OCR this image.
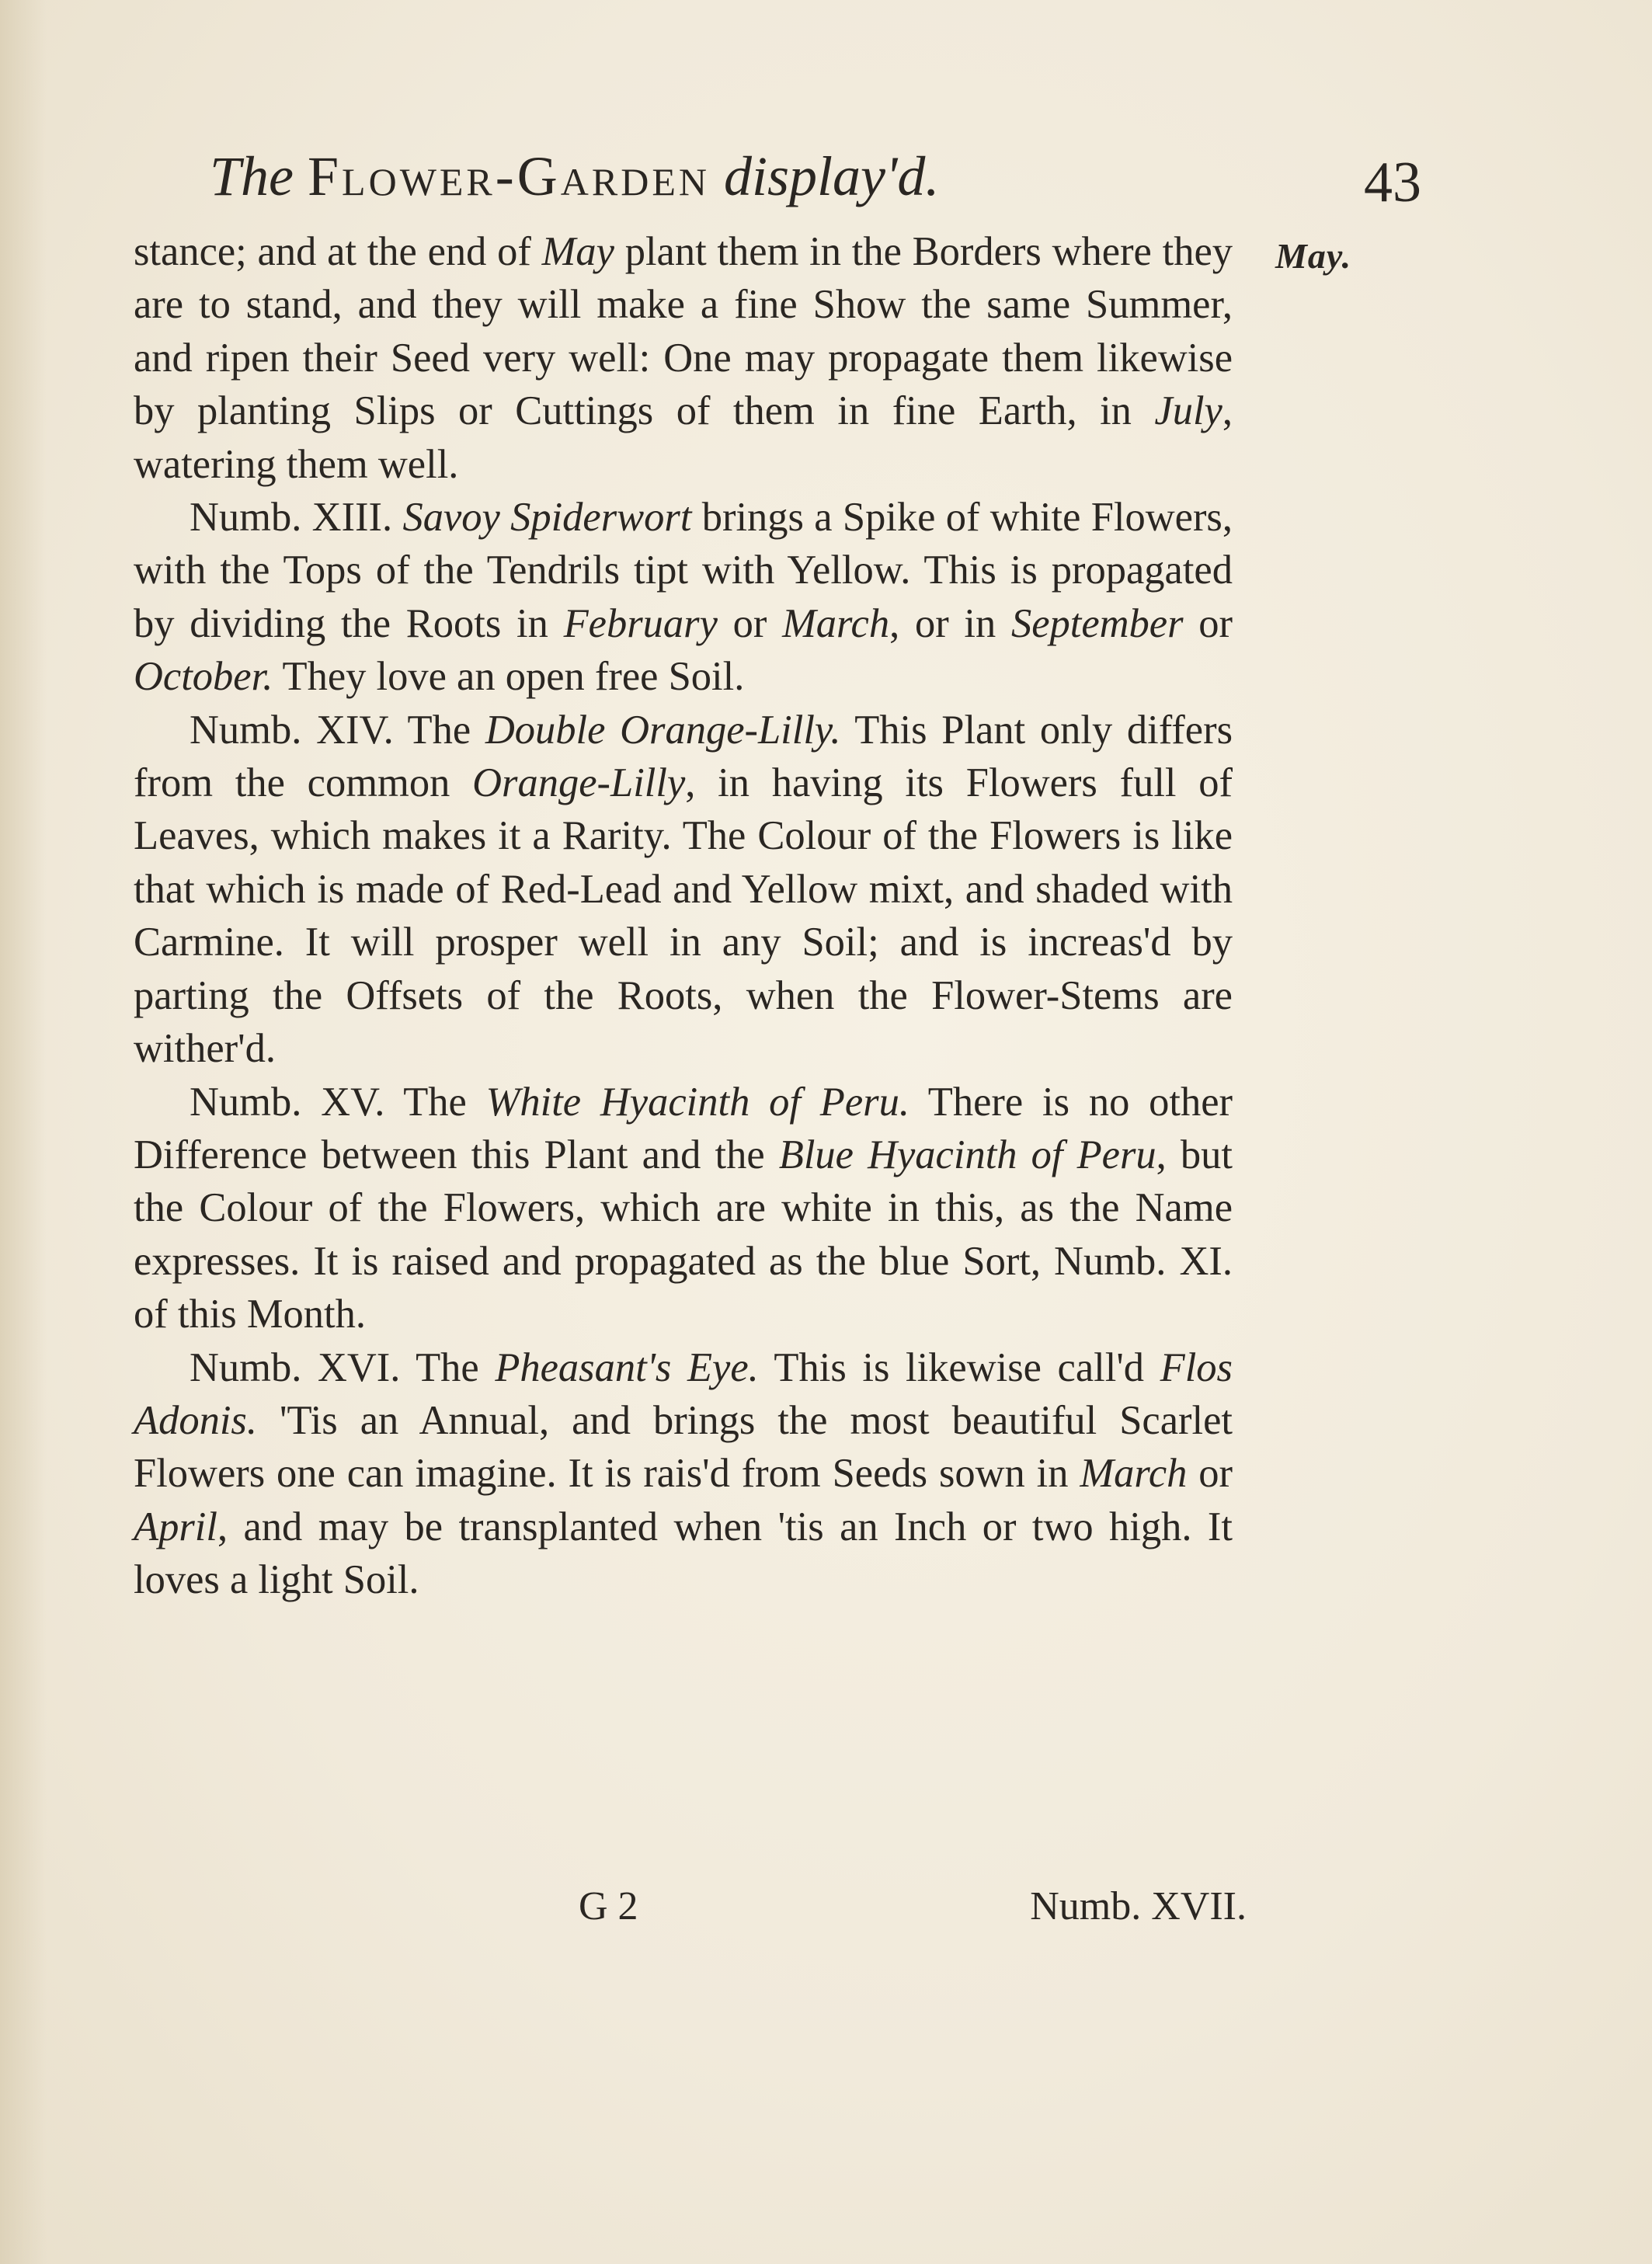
The Flower-Garden display'd.	43
May.

stance; and at the end of May plant them in the Borders where they are to stand, and they will make a fine Show the same Summer, and ripen their Seed very well: One may propagate them likewise by planting Slips or Cuttings of them in fine Earth, in July, watering them well.

Numb. XIII. Savoy Spiderwort brings a Spike of white Flowers, with the Tops of the Tendrils tipt with Yellow. This is propagated by dividing the Roots in February or March, or in September or October. They love an open free Soil.

Numb. XIV. The Double Orange-Lilly. This Plant only differs from the common Orange-Lilly, in having its Flowers full of Leaves, which makes it a Rarity. The Colour of the Flowers is like that which is made of Red-Lead and Yellow mixt, and shaded with Carmine. It will prosper well in any Soil; and is increas'd by parting the Offsets of the Roots, when the Flower-Stems are wither'd.

Numb. XV. The White Hyacinth of Peru. There is no other Difference between this Plant and the Blue Hyacinth of Peru, but the Colour of the Flowers, which are white in this, as the Name expresses. It is raised and propagated as the blue Sort, Numb. XI. of this Month.

Numb. XVI. The Pheasant's Eye. This is likewise call'd Flos Adonis. 'Tis an Annual, and brings the most beautiful Scarlet Flowers one can imagine. It is rais'd from Seeds sown in March or April, and may be transplanted when 'tis an Inch or two high. It loves a light Soil.

G 2	Numb. XVII.
